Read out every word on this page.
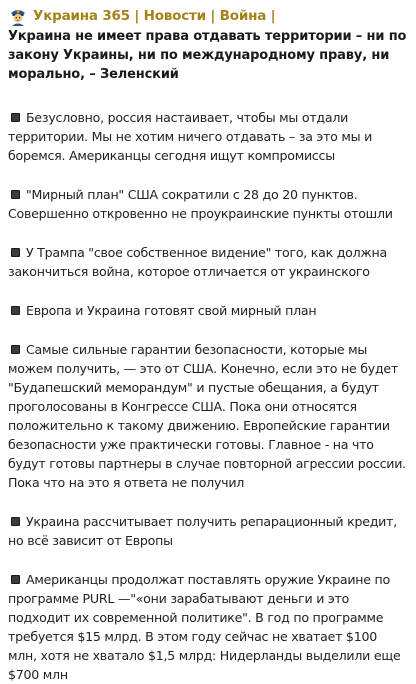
Украина 365 | Новости | Война |
Украина не имеет права отдавать территории – ни по закону Украины, ни по международному праву, ни морально, – Зеленский
Безусловно, россия настаивает, чтобы мы отдали территории. Мы не хотим ничего отдавать – за это мы и боремся. Американцы сегодня ищут компромиссы
"Мирный план" США сократили с 28 до 20 пунктов. Совершенно откровенно не проукраинские пункты отошли
У Трампа "свое собственное видение" того, как должна закончиться война, которое отличается от украинского
Европа и Украина готовят свой мирный план
Самые сильные гарантии безопасности, которые мы можем получить, — это от США. Конечно, если это не будет "Будапешский меморандум" и пустые обещания, а будут проголосованы в Конгрессе США. Пока они относятся положительно к такому движению. Европейские гарантии безопасности уже практически готовы. Главное - на что будут готовы партнеры в случае повторной агрессии россии. Пока что на это я ответа не получил
Украина рассчитывает получить репарационный кредит, но всё зависит от Европы
Американцы продолжат поставлять оружие Украине по программе PURL —"«они зарабатывают деньги и это подходит их современной политике". В год по программе требуется $15 млрд. В этом году сейчас не хватает $100 млн, хотя не хватало $1,5 млрд: Нидерланды выделили еще $700 млн
